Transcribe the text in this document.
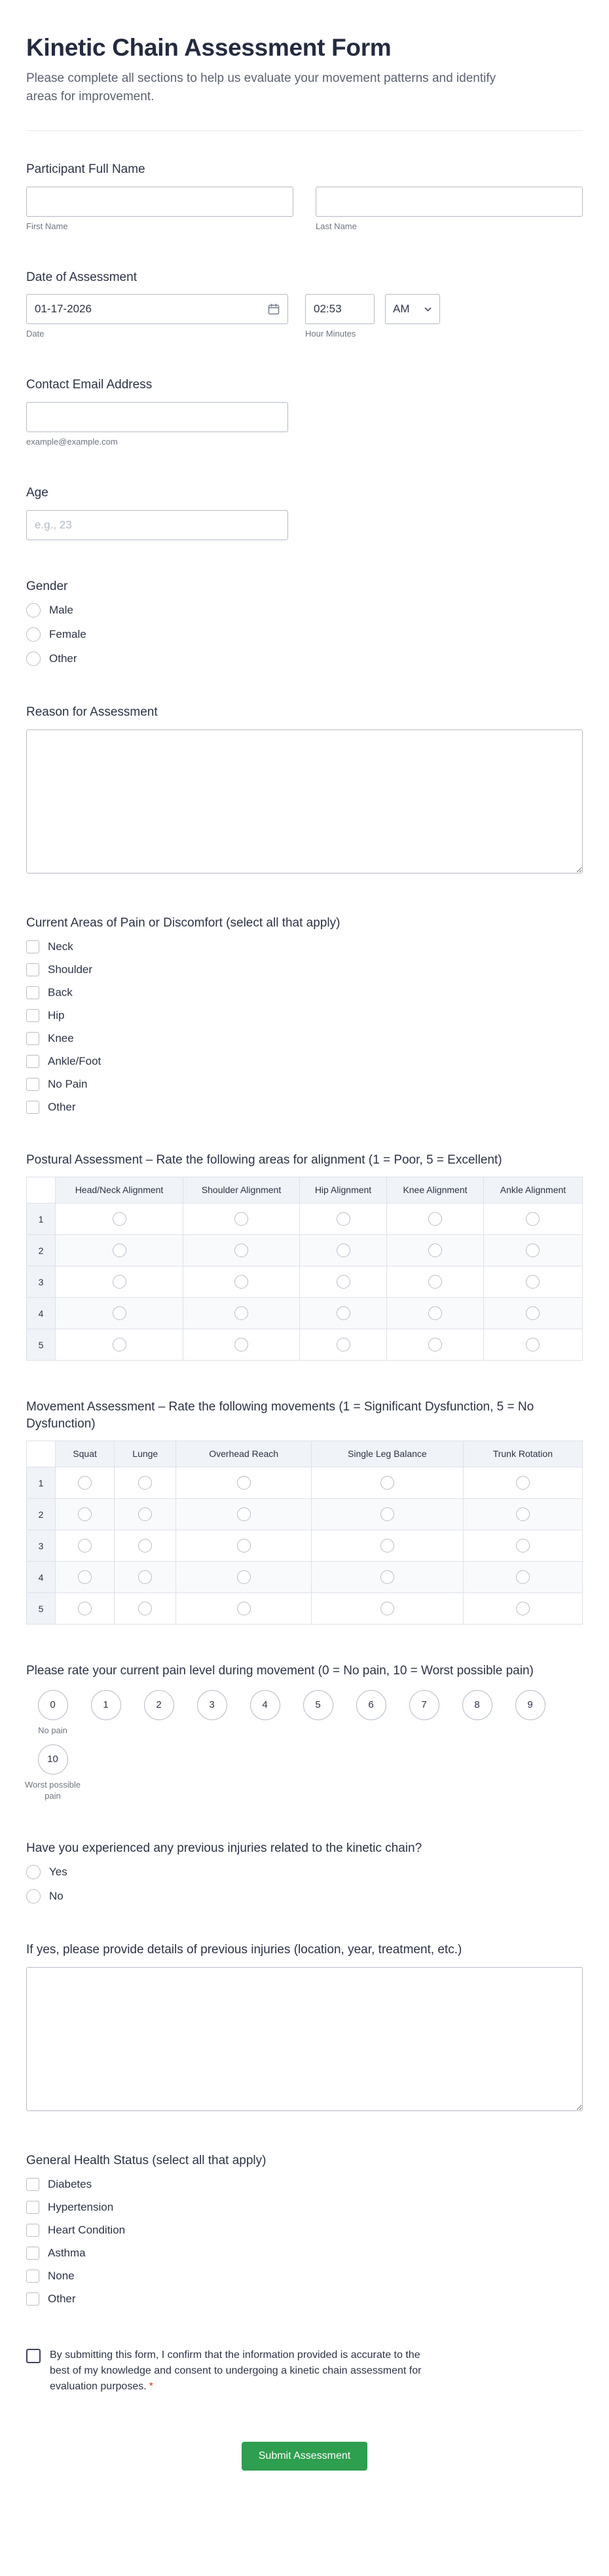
Kinetic Chain Assessment Form

Please complete all sections to help us evaluate your movement patterns and identify areas for improvement.

Participant Full Name
First Name	Last Name
Date of Assessment
01-17-2026
Date
02:53	Hour Minutes
AM
Contact Email Address
example@example.com
Age
e.g., 23
Gender
Male
Female
Other
Reason for Assessment
Current Areas of Pain or Discomfort (select all that apply)
Neck
Shoulder
Back
Hip
Knee
Ankle/Foot
No Pain
Other
Postural Assessment – Rate the following areas for alignment (1 = Poor, 5 = Excellent)
	Head/Neck Alignment	Shoulder Alignment	Hip Alignment	Knee Alignment	Ankle Alignment
1	

2	

3	

4	

5	

Movement Assessment – Rate the following movements (1 = Significant Dysfunction, 5 = No Dysfunction)
	Squat	Lunge	Overhead Reach	Single Leg Balance	Trunk Rotation
1	

2	

3	

4	

5	

Please rate your current pain level during movement (0 = No pain, 10 = Worst possible pain)
0
No pain
1	2	3	4	5	6	7	8	9
10
Worst possible pain
Have you experienced any previous injuries related to the kinetic chain?
Yes
No
If yes, please provide details of previous injuries (location, year, treatment, etc.)
General Health Status (select all that apply)
Diabetes
Hypertension
Heart Condition
Asthma
None
Other
By submitting this form, I confirm that the information provided is accurate to the best of my knowledge and consent to undergoing a kinetic chain assessment for evaluation purposes. *
Submit Assessment
